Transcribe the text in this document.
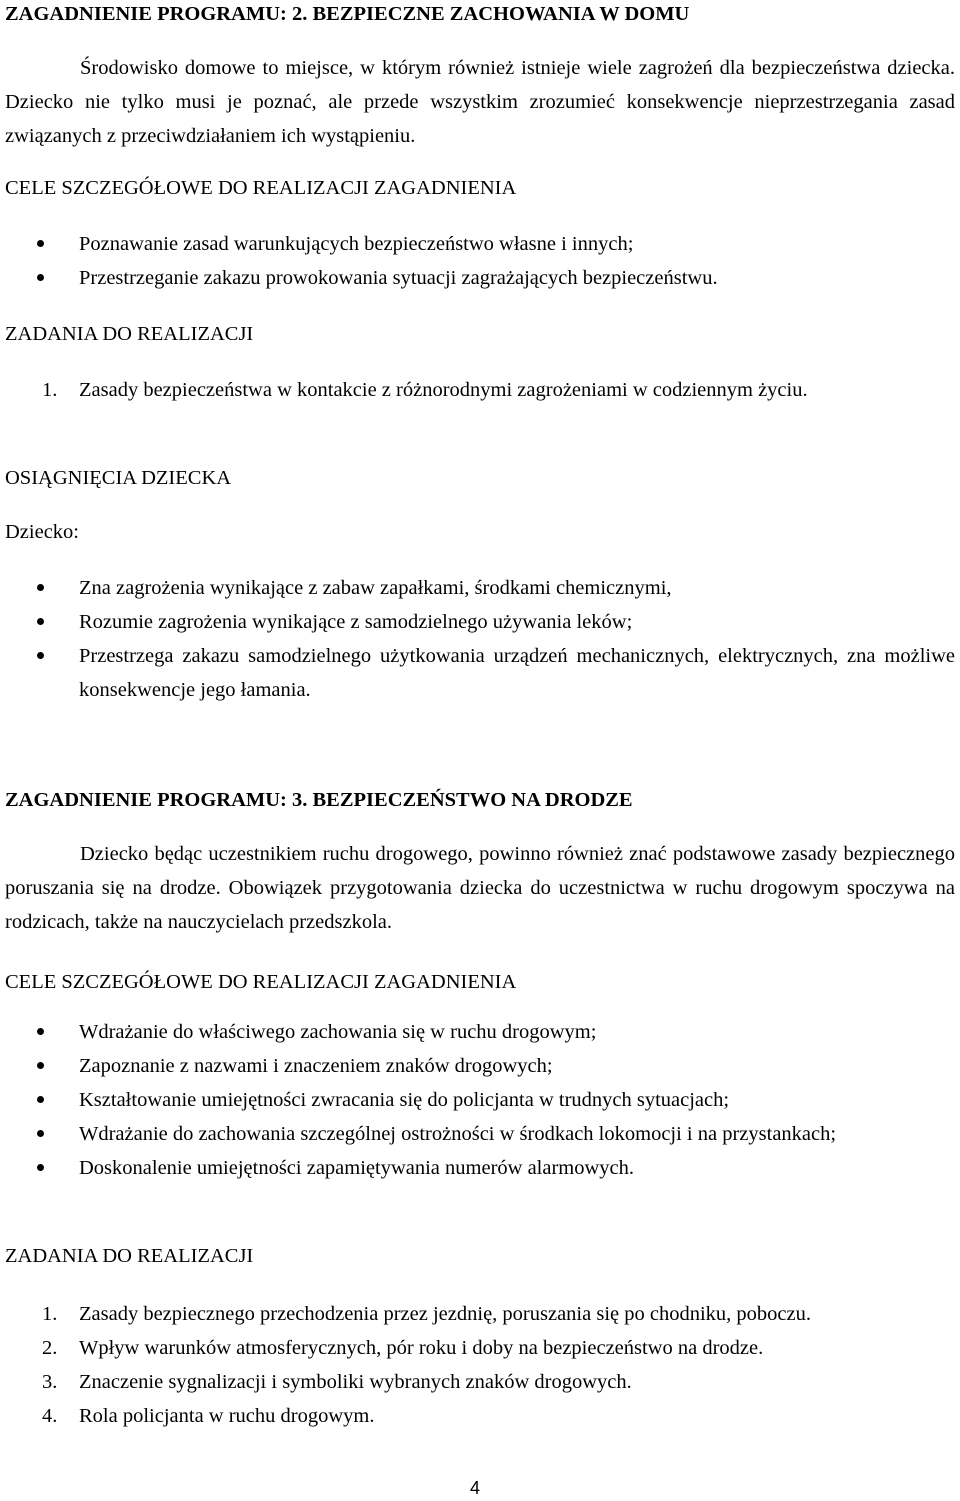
ZAGADNIENIE PROGRAMU: 2. BEZPIECZNE ZACHOWANIA W DOMU
Środowisko domowe to miejsce, w którym również istnieje wiele zagrożeń dla bezpieczeństwa dziecka. Dziecko nie tylko musi je poznać, ale przede wszystkim zrozumieć konsekwencje nieprzestrzegania zasad związanych z przeciwdziałaniem ich wystąpieniu.
CELE SZCZEGÓŁOWE DO REALIZACJI ZAGADNIENIA
Poznawanie zasad warunkujących bezpieczeństwo własne i innych;
Przestrzeganie zakazu prowokowania sytuacji zagrażających bezpieczeństwu.
ZADANIA DO REALIZACJI
1. Zasady bezpieczeństwa w kontakcie z różnorodnymi zagrożeniami w codziennym życiu.
OSIĄGNIĘCIA DZIECKA
Dziecko:
Zna zagrożenia wynikające z zabaw zapałkami, środkami chemicznymi,
Rozumie zagrożenia wynikające z samodzielnego używania leków;
Przestrzega zakazu samodzielnego użytkowania urządzeń mechanicznych, elektrycznych, zna możliwe konsekwencje jego łamania.
ZAGADNIENIE PROGRAMU: 3. BEZPIECZEŃSTWO NA DRODZE
Dziecko będąc uczestnikiem ruchu drogowego, powinno również znać podstawowe zasady bezpiecznego poruszania się na drodze. Obowiązek przygotowania dziecka do uczestnictwa w ruchu drogowym spoczywa na rodzicach, także na nauczycielach przedszkola.
CELE SZCZEGÓŁOWE DO REALIZACJI ZAGADNIENIA
Wdrażanie do właściwego zachowania się w ruchu drogowym;
Zapoznanie z nazwami i znaczeniem znaków drogowych;
Kształtowanie umiejętności zwracania się do policjanta w trudnych sytuacjach;
Wdrażanie do zachowania szczególnej ostrożności w środkach lokomocji i na przystankach;
Doskonalenie umiejętności zapamiętywania numerów alarmowych.
ZADANIA DO REALIZACJI
1. Zasady bezpiecznego przechodzenia przez jezdnię, poruszania się po chodniku, poboczu.
2. Wpływ warunków atmosferycznych, pór roku i doby na bezpieczeństwo na drodze.
3. Znaczenie sygnalizacji i symboliki wybranych znaków drogowych.
4. Rola policjanta w ruchu drogowym.
4
